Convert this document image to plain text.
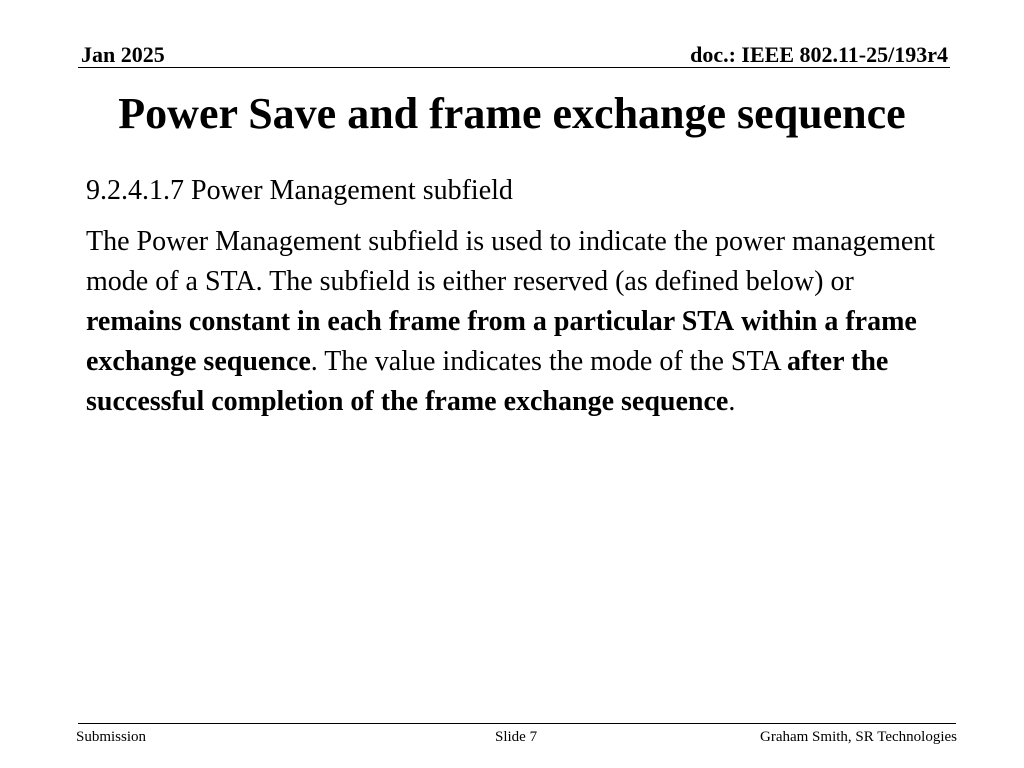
Jan 2025	doc.: IEEE 802.11-25/193r4
Power Save and frame exchange sequence

9.2.4.1.7 Power Management subfield

The Power Management subfield is used to indicate the power management mode of a STA. The subfield is either reserved (as defined below) or remains constant in each frame from a particular STA within a frame exchange sequence. The value indicates the mode of the STA after the successful completion of the frame exchange sequence.

Submission	Slide 7	Graham Smith, SR Technologies
